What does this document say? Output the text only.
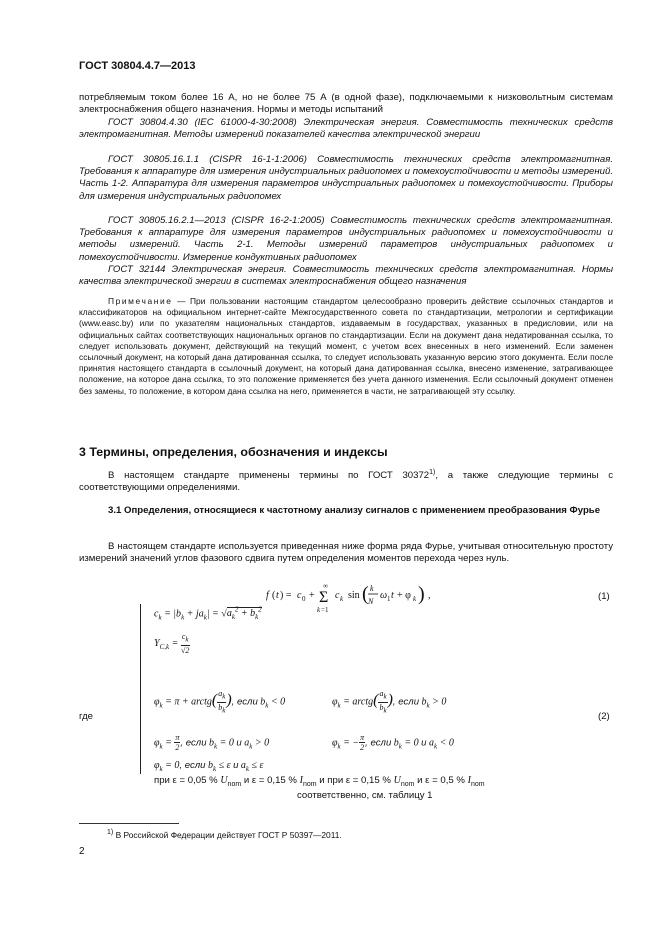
ГОСТ 30804.4.7—2013
потребляемым током более 16 А, но не более 75 А (в одной фазе), подключаемыми к низковольтным системам электроснабжения общего назначения. Нормы и методы испытаний
ГОСТ 30804.4.30 (IEC 61000-4-30:2008) Электрическая энергия. Совместимость технических средств электромагнитная. Методы измерений показателей качества электрической энергии
ГОСТ 30805.16.1.1 (CISPR 16-1-1:2006) Совместимость технических средств электромагнитная. Требования к аппаратуре для измерения индустриальных радиопомех и помехоустойчивости и методы измерений. Часть 1-2. Аппаратура для измерения параметров индустриальных радиопомех и помехоустойчивости. Приборы для измерения индустриальных радиопомех
ГОСТ 30805.16.2.1—2013 (CISPR 16-2-1:2005) Совместимость технических средств электромагнитная. Требования к аппаратуре для измерения параметров индустриальных радиопомех и помехоустойчивости и методы измерений. Часть 2-1. Методы измерений параметров индустриальных радиопомех и помехоустойчивости. Измерение кондуктивных радиопомех
ГОСТ 32144 Электрическая энергия. Совместимость технических средств электромагнитная. Нормы качества электрической энергии в системах электроснабжения общего назначения
Примечание — При пользовании настоящим стандартом целесообразно проверить действие ссылочных стандартов и классификаторов на официальном интернет-сайте Межгосударственного совета по стандартизации, метрологии и сертификации (www.easc.by) или по указателям национальных стандартов, издаваемым в государствах, указанных в предисловии, или на официальных сайтах соответствующих национальных органов по стандартизации. Если на документ дана недатированная ссылка, то следует использовать документ, действующий на текущий момент, с учетом всех внесенных в него изменений. Если заменен ссылочный документ, на который дана датированная ссылка, то следует использовать указанную версию этого документа. Если после принятия настоящего стандарта в ссылочный документ, на который дана датированная ссылка, внесено изменение, затрагивающее положение, на которое дана ссылка, то это положение применяется без учета данного изменения. Если ссылочный документ отменен без замены, то положение, в котором дана ссылка на него, применяется в части, не затрагивающей эту ссылку.
3 Термины, определения, обозначения и индексы
В настоящем стандарте применены термины по ГОСТ 30372$^{1)}$, а также следующие термины с соответствующими определениями.
3.1 Определения, относящиеся к частотному анализу сигналов с применением преобразования Фурье
В настоящем стандарте используется приведенная ниже форма ряда Фурье, учитывая относительную простоту измерений значений углов фазового сдвига путем определения моментов перехода через нуль.
f ( t ) = c 0 + Σ
∞
k =1
c k sin ( k
N
ω 1 t + φ k ) ,	(1)
где	(2)
$c_k = |b_k + ja_k| = √a_k^2 + b_k^2$
$Y_{C,k} = \frac{c_k}{√2}$
$\varphi_k = \pi$ + arctg( $\frac{a_k}{b_k}$ ), если $b_k < 0$	$\varphi_k$ = arctg( $\frac{a_k}{b_k}$ ), если $b_k > 0$
$\varphi_k = \frac{\pi}{2}$ , если $b_k = 0$ и $a_k > 0$	$\varphi_k$ = − $\frac{\pi}{2}$ , если $b_k = 0$ и $a_k < 0$
$\varphi_k = 0$, если $b_k \le \varepsilon$ и $a_k \le \varepsilon$
при ε = 0,05 % $U_{nom}$ и ε = 0,15 % $I_{nom}$ и при ε = 0,15 % $U_{nom}$ и ε = 0,5 % $I_{nom}$
соответственно, см. таблицу 1
$^{1)}$ В Российской Федерации действует ГОСТ Р 50397—2011.
2
